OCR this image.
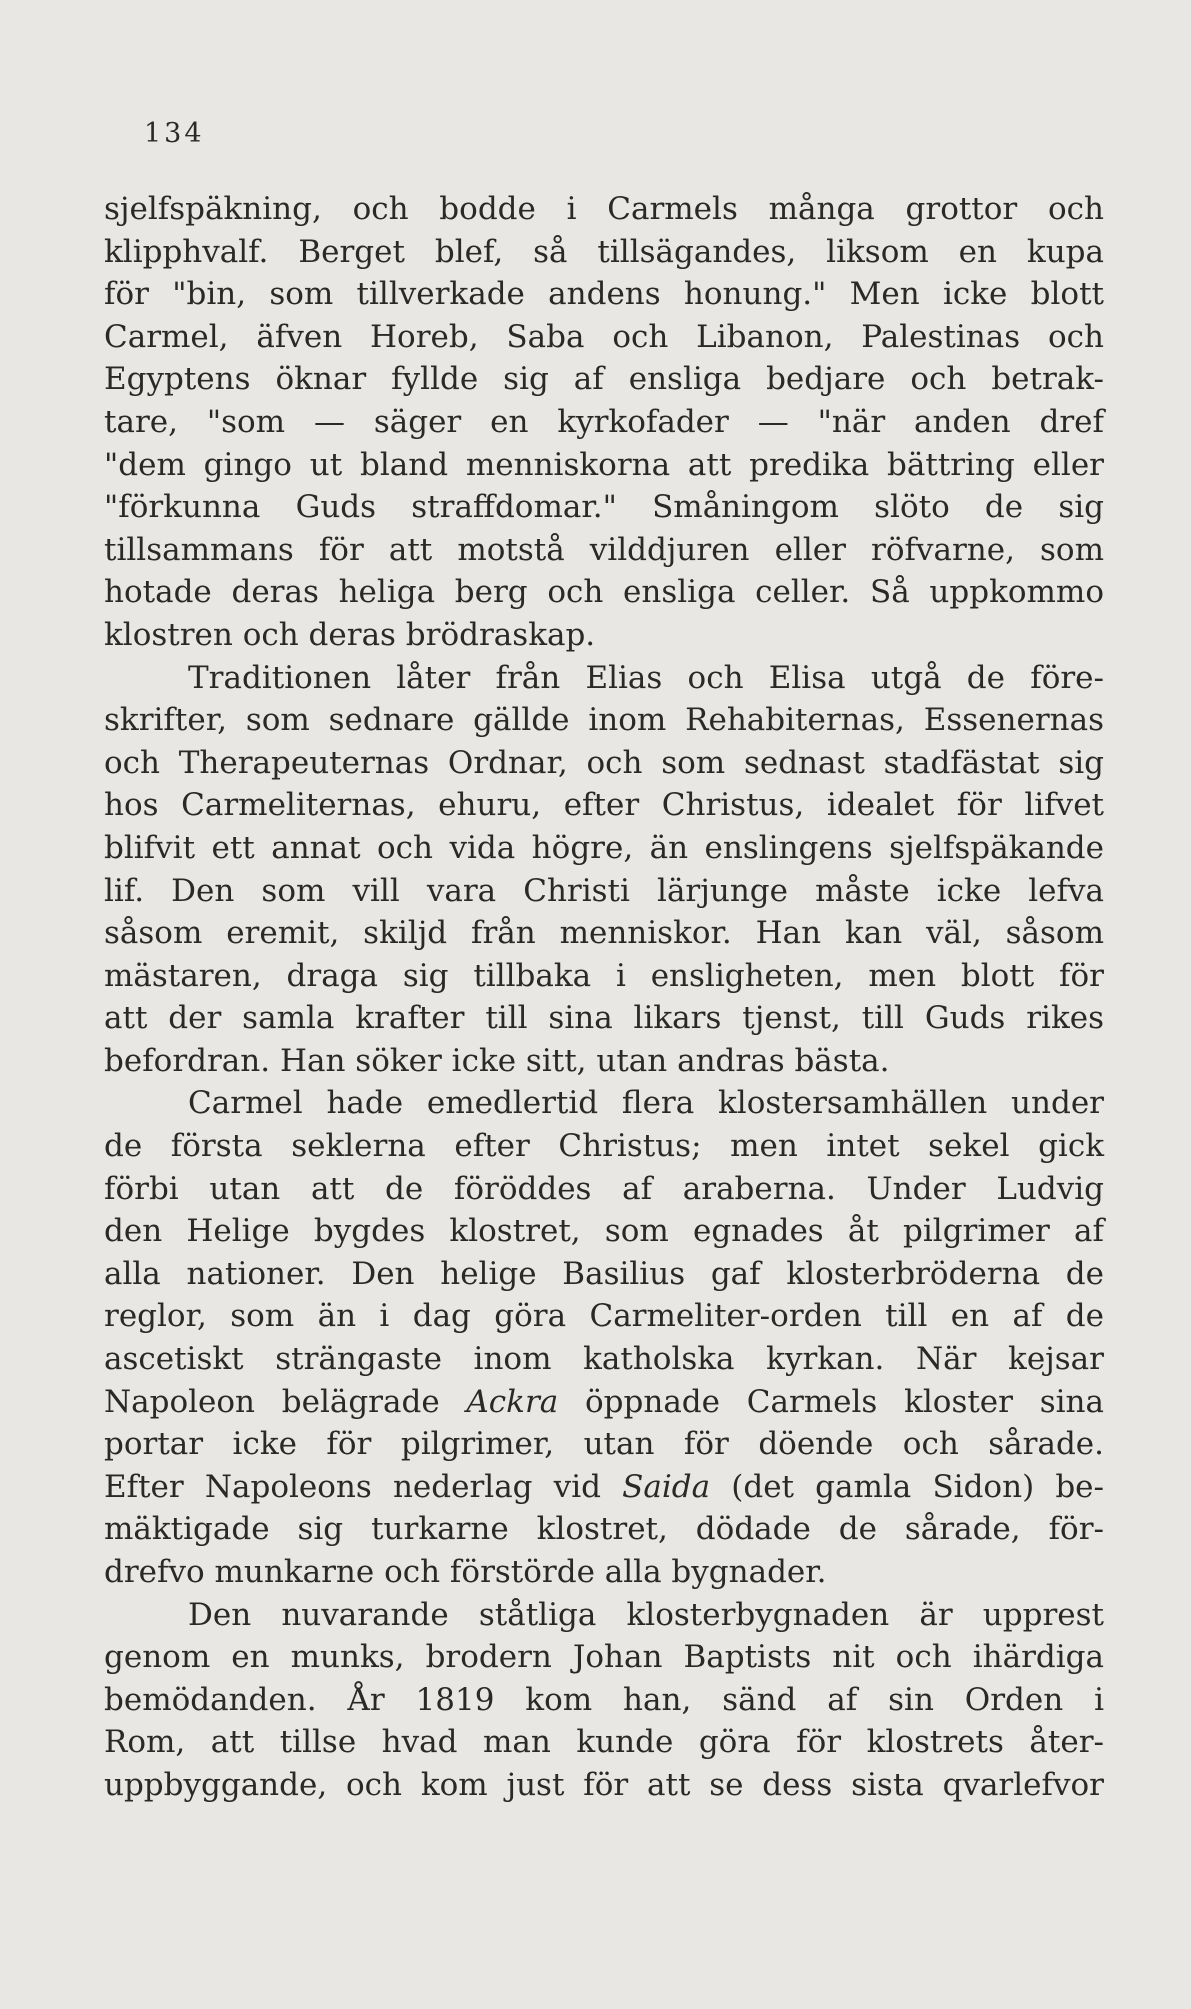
134
sjelfspäkning, och bodde i Carmels många grottor och
klipphvalf. Berget blef, så tillsägandes, liksom en kupa
för "bin, som tillverkade andens honung." Men icke blott
Carmel, äfven Horeb, Saba och Libanon, Palestinas och
Egyptens öknar fyllde sig af ensliga bedjare och betrak-
tare, "som — säger en kyrkofader — "när anden dref
"dem gingo ut bland menniskorna att predika bättring eller
"förkunna Guds straffdomar." Småningom slöto de sig
tillsammans för att motstå vilddjuren eller röfvarne, som
hotade deras heliga berg och ensliga celler. Så uppkommo
klostren och deras brödraskap.
Traditionen låter från Elias och Elisa utgå de före-
skrifter, som sednare gällde inom Rehabiternas, Essenernas
och Therapeuternas Ordnar, och som sednast stadfästat sig
hos Carmeliternas, ehuru, efter Christus, idealet för lifvet
blifvit ett annat och vida högre, än enslingens sjelfspäkande
lif. Den som vill vara Christi lärjunge måste icke lefva
såsom eremit, skiljd från menniskor. Han kan väl, såsom
mästaren, draga sig tillbaka i ensligheten, men blott för
att der samla krafter till sina likars tjenst, till Guds rikes
befordran. Han söker icke sitt, utan andras bästa.
Carmel hade emedlertid flera klostersamhällen under
de första seklerna efter Christus; men intet sekel gick
förbi utan att de föröddes af araberna. Under Ludvig
den Helige bygdes klostret, som egnades åt pilgrimer af
alla nationer. Den helige Basilius gaf klosterbröderna de
reglor, som än i dag göra Carmeliter-orden till en af de
ascetiskt strängaste inom katholska kyrkan. När kejsar
Napoleon belägrade Ackra öppnade Carmels kloster sina
portar icke för pilgrimer, utan för döende och sårade.
Efter Napoleons nederlag vid Saida (det gamla Sidon) be-
mäktigade sig turkarne klostret, dödade de sårade, för-
drefvo munkarne och förstörde alla bygnader.
Den nuvarande ståtliga klosterbygnaden är upprest
genom en munks, brodern Johan Baptists nit och ihärdiga
bemödanden. År 1819 kom han, sänd af sin Orden i
Rom, att tillse hvad man kunde göra för klostrets åter-
uppbyggande, och kom just för att se dess sista qvarlefvor
